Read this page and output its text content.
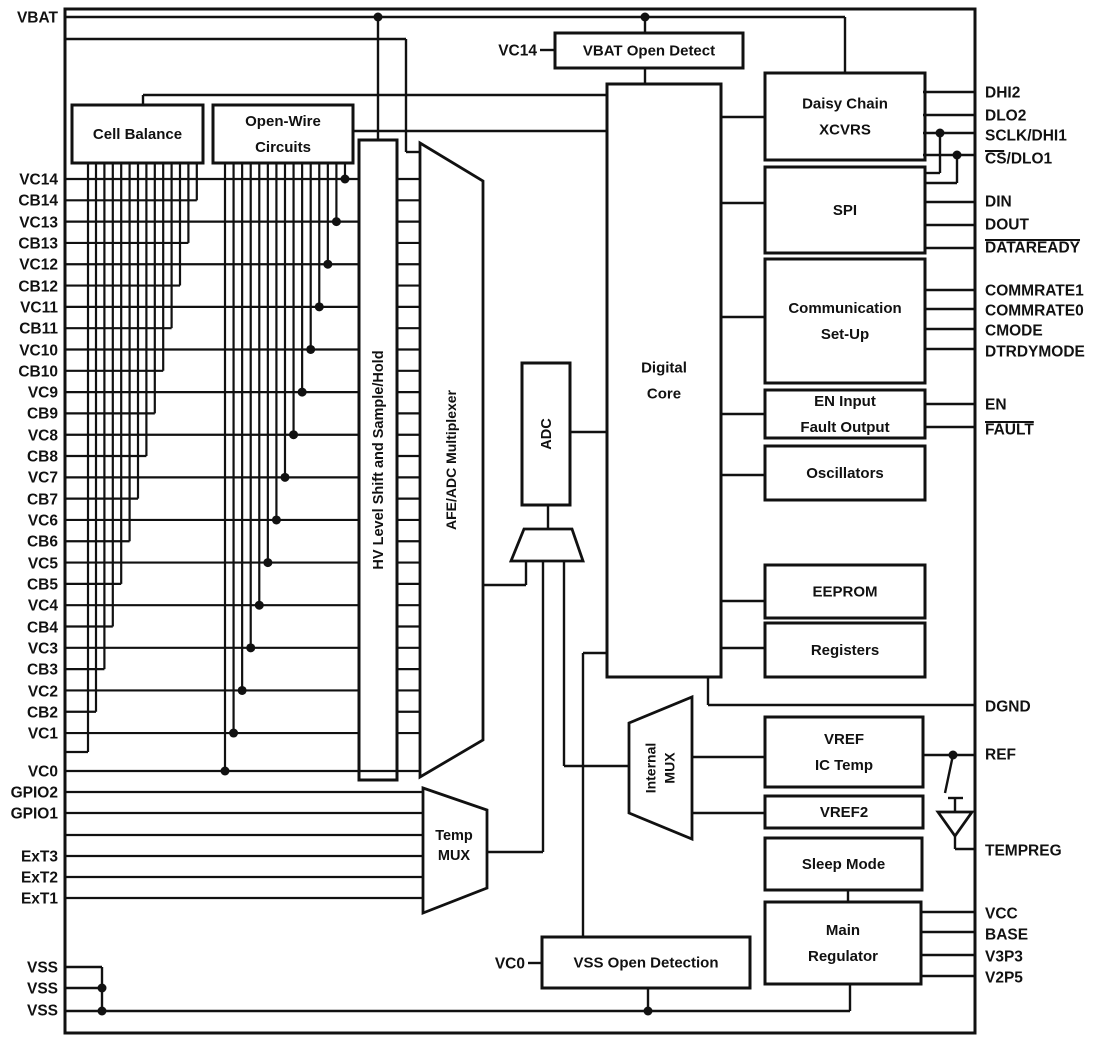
Cell Balance
Open-Wire
Circuits
VBAT Open Detect
HV Level Shift and Sample/Hold	ADC
Digital
Core
Daisy Chain
XCVRS
SPI
Communication
Set-Up
EN Input
Fault Output
Oscillators
EEPROM
Registers
VREF
IC Temp
VREF2
Sleep Mode
Main
Regulator
VSS Open Detection
AFE/ADC Multiplexer
Temp
MUX
Internal MUX
VBAT
VC14
CB14
VC13
CB13
VC12
CB12
VC11
CB11
VC10
CB10
VC9
CB9
VC8
CB8
VC7
CB7
VC6
CB6
VC5
CB5
VC4
CB4
VC3
CB3
VC2
CB2
VC1
VC0
GPIO2
GPIO1
ExT3
ExT2
ExT1
VSS
VSS
VSS
DHI2
DLO2
SCLK/DHI1
CS/DLO1
DIN
DOUT
DATAREADY
COMMRATE1
COMMRATE0
CMODE
DTRDYMODE
EN
FAULT
DGND
REF
TEMPREG
VCC
BASE
V3P3
V2P5
VC14
VC0
